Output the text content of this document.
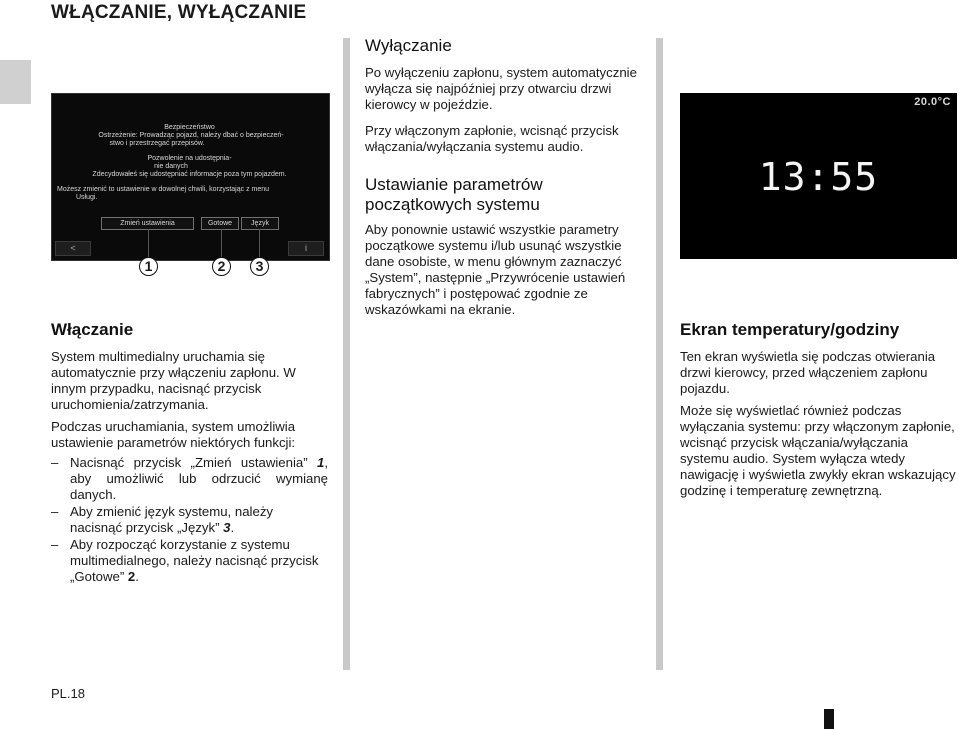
WŁĄCZANIE, WYŁĄCZANIE
Bezpieczeństwo
Ostrzeżenie: Prowadząc pojazd, należy dbać o bezpieczeń-
stwo i przestrzegać przepisów.
Pozwolenie na udostępnia-
nie danych
Zdecydowałeś się udostępniać informacje poza tym pojazdem.
Możesz zmienić to ustawienie w dowolnej chwili, korzystając z menu
Usługi.
Zmień ustawienia	Gotowe	Język
<	i
1	2	3
Włączanie

System multimedialny uruchamia się automatycznie przy włączeniu zapłonu. W innym przypadku, nacisnąć przycisk uruchomienia/zatrzymania.

Podczas uruchamiania, system umożliwia ustawienie parametrów niektórych funkcji:

– Nacisnąć przycisk „Zmień ustawienia” 1, aby umożliwić lub odrzucić wymianę danych.
– Aby zmienić język systemu, należy nacisnąć przycisk „Język” 3.
– Aby rozpocząć korzystanie z systemu multimedialnego, należy nacisnąć przycisk „Gotowe” 2.
Wyłączanie

Po wyłączeniu zapłonu, system automatycznie wyłącza się najpóźniej przy otwarciu drzwi kierowcy w pojeździe.

Przy włączonym zapłonie, wcisnąć przycisk włączania/wyłączania systemu audio.

Ustawianie parametrów początkowych systemu

Aby ponownie ustawić wszystkie parametry początkowe systemu i/lub usunąć wszystkie dane osobiste, w menu głównym zaznaczyć „System”, następnie „Przywrócenie ustawień fabrycznych” i postępować zgodnie ze wskazówkami na ekranie.

20.0°C
13:55
Ekran temperatury/godziny

Ten ekran wyświetla się podczas otwierania drzwi kierowcy, przed włączeniem zapłonu pojazdu.

Może się wyświetlać również podczas wyłączania systemu: przy włączonym zapłonie, wcisnąć przycisk włączania/wyłączania systemu audio. System wyłącza wtedy nawigację i wyświetla zwykły ekran wskazujący godzinę i temperaturę zewnętrzną.

PL.18
